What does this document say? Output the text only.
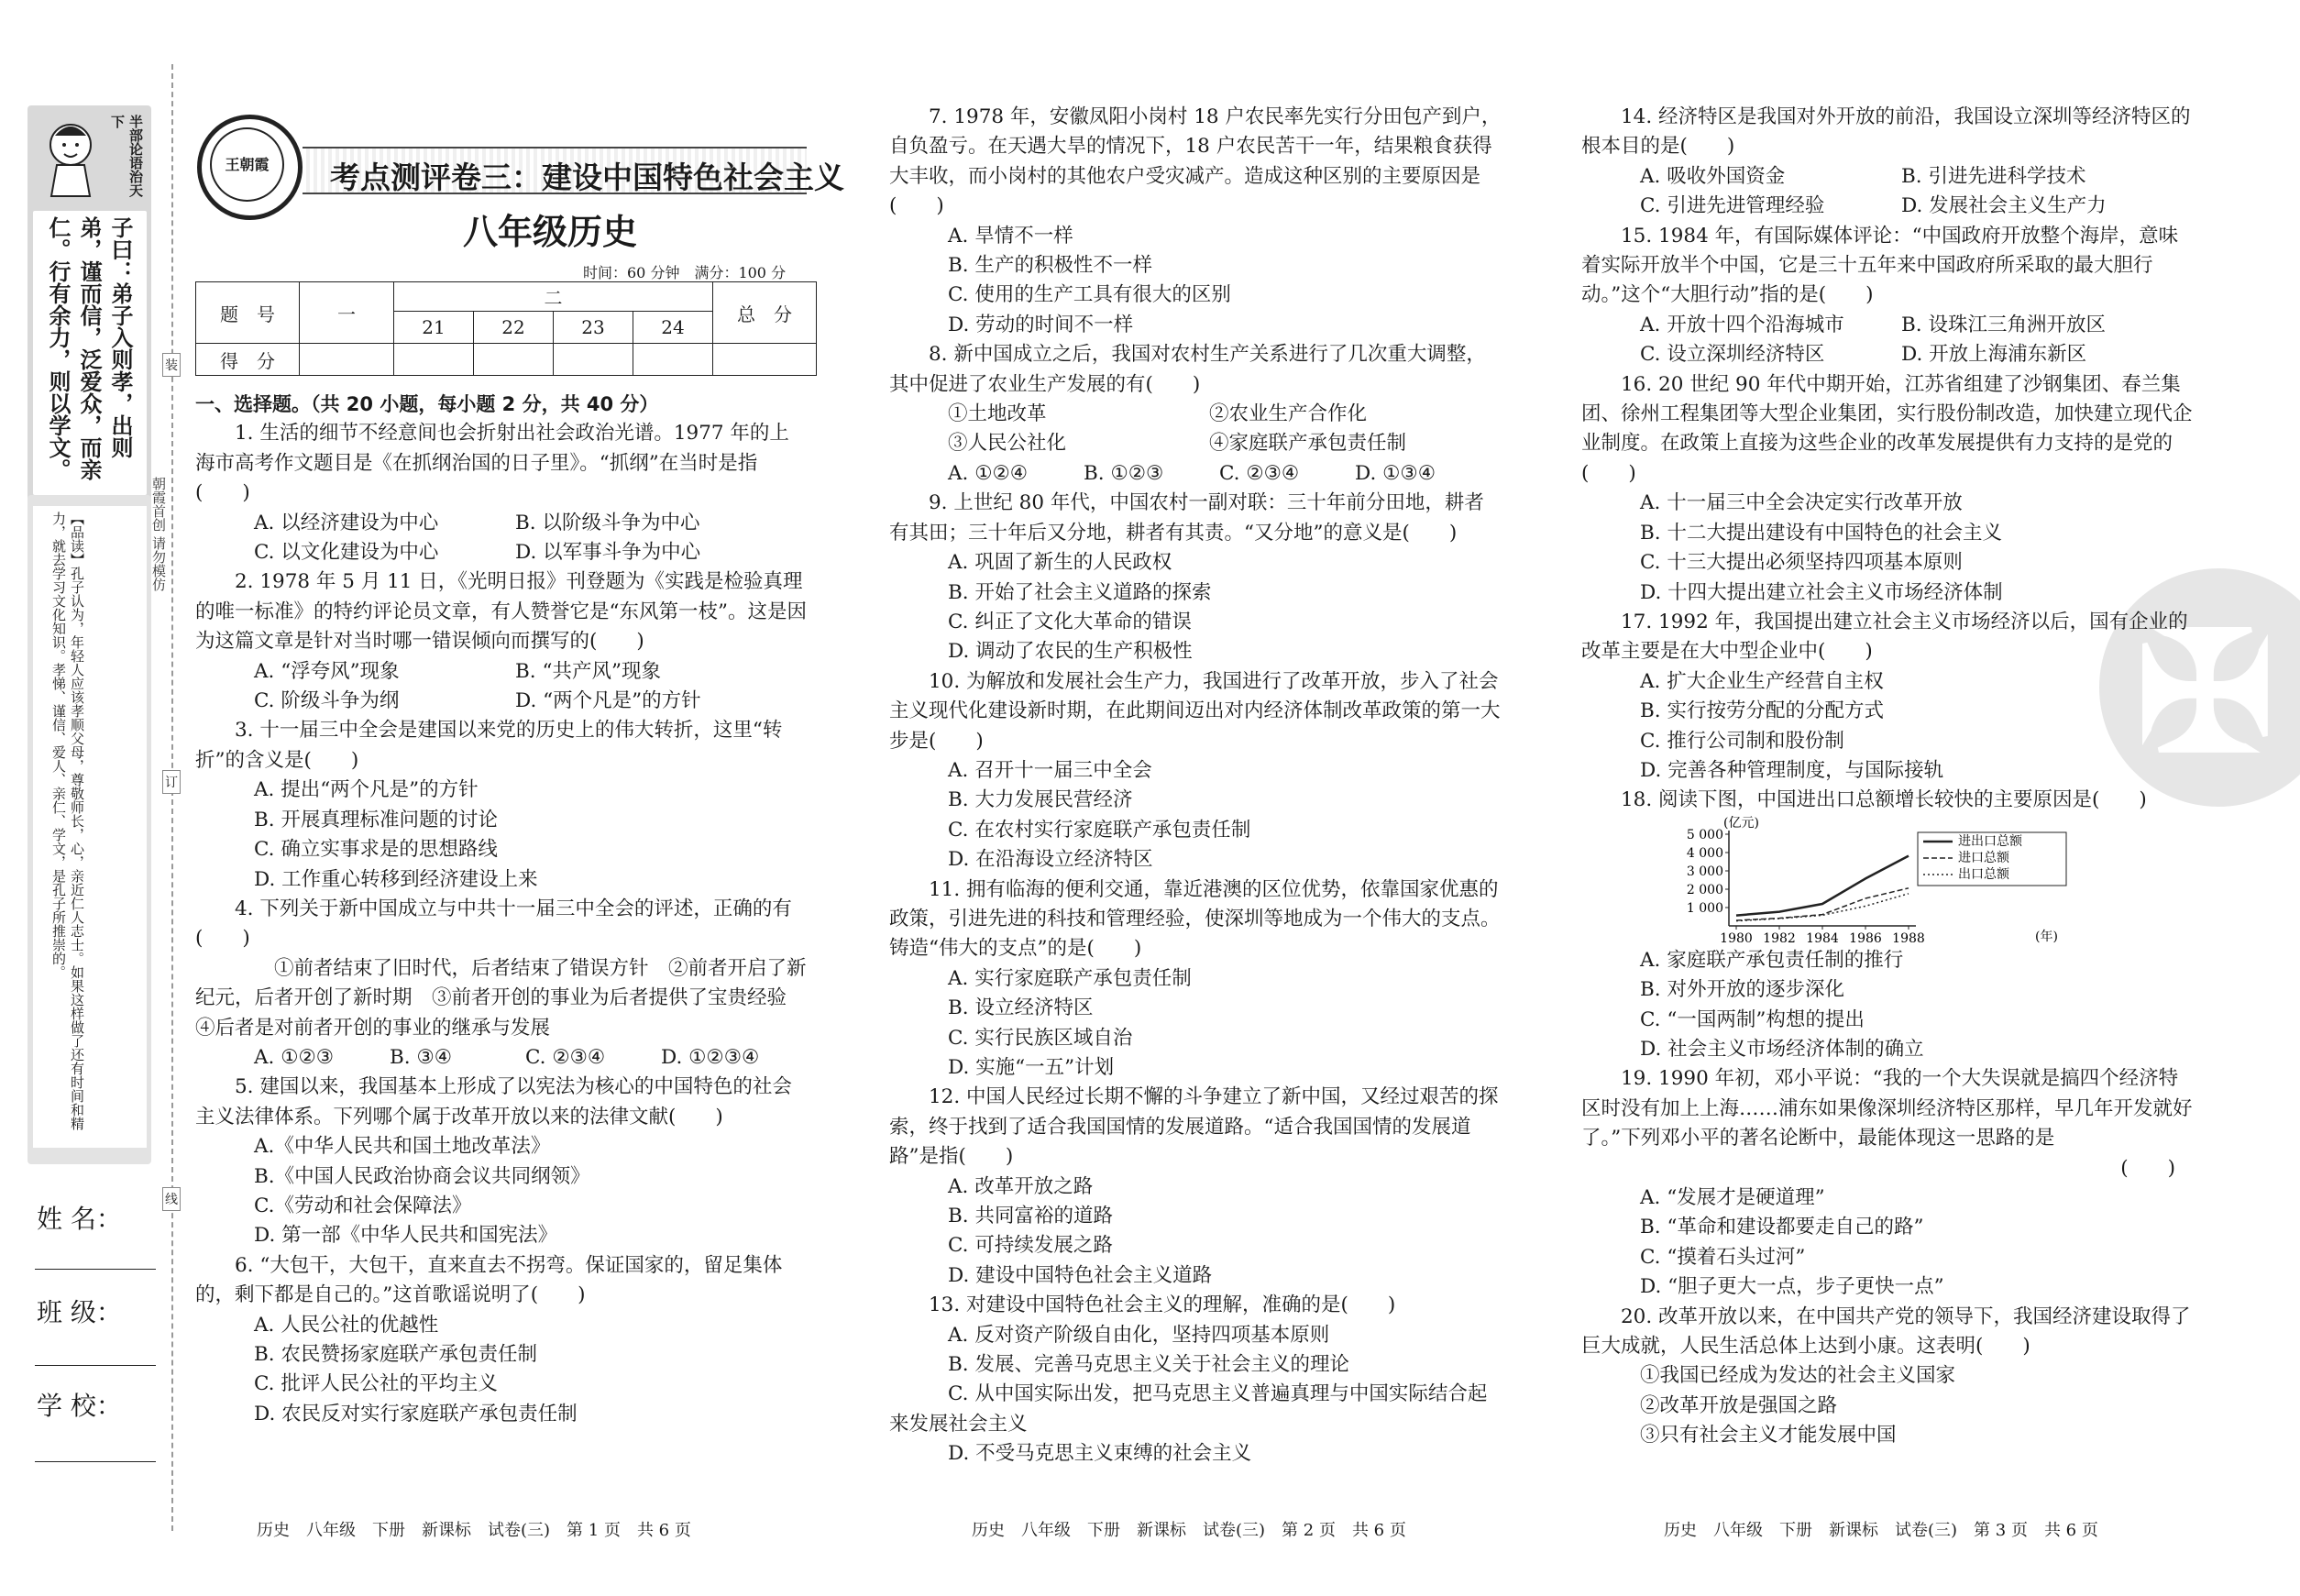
半部论语治天下
子曰：弟子入则孝，出则弟，谨而信，泛爱众，而亲仁。行有余力，则以学文。
【品读】孔子认为，年轻人应该孝顺父母，尊敬师长，心，亲近仁人志士。如果这样做了还有时间和精力，就去学习文化知识。孝悌、谨信、爱人、亲仁、学文，是孔子所推崇的。
姓 名：
班 级：
学 校：
装
订
线
朝霞首创 请勿模仿
王朝霞	考点测评卷三：建设中国特色社会主义
八年级历史
时间：60 分钟　满分：100 分
题　号	一	二				总　分
		21	22	23	24	
得　分						

一、选择题。（共 20 小题，每小题 2 分，共 40 分）

1. 生活的细节不经意间也会折射出社会政治光谱。1977 年的上海市高考作文题目是《在抓纲治国的日子里》。“抓纲”在当时是指(　　)

A. 以经济建设为中心	B. 以阶级斗争为中心

C. 以文化建设为中心	D. 以军事斗争为中心

2. 1978 年 5 月 11 日，《光明日报》刊登题为《实践是检验真理的唯一标准》的特约评论员文章，有人赞誉它是“东风第一枝”。这是因为这篇文章是针对当时哪一错误倾向而撰写的(　　)

A. “浮夸风”现象	B. “共产风”现象

C. 阶级斗争为纲	D. “两个凡是”的方针

3. 十一届三中全会是建国以来党的历史上的伟大转折，这里“转折”的含义是(　　)

A. 提出“两个凡是”的方针

B. 开展真理标准问题的讨论

C. 确立实事求是的思想路线

D. 工作重心转移到经济建设上来

4. 下列关于新中国成立与中共十一届三中全会的评述，正确的有(　　)

①前者结束了旧时代，后者结束了错误方针　②前者开启了新纪元，后者开创了新时期　③前者开创的事业为后者提供了宝贵经验　④后者是对前者开创的事业的继承与发展

A. ①②③	B. ③④	C. ②③④	D. ①②③④

5. 建国以来，我国基本上形成了以宪法为核心的中国特色的社会主义法律体系。下列哪个属于改革开放以来的法律文献(　　)

A.《中华人民共和国土地改革法》

B.《中国人民政治协商会议共同纲领》

C.《劳动和社会保障法》

D. 第一部《中华人民共和国宪法》

6. “大包干，大包干，直来直去不拐弯。保证国家的，留足集体的，剩下都是自己的。”这首歌谣说明了(　　)

A. 人民公社的优越性

B. 农民赞扬家庭联产承包责任制

C. 批评人民公社的平均主义

D. 农民反对实行家庭联产承包责任制

7. 1978 年，安徽凤阳小岗村 18 户农民率先实行分田包产到户，自负盈亏。在天遇大旱的情况下，18 户农民苦干一年，结果粮食获得大丰收，而小岗村的其他农户受灾减产。造成这种区别的主要原因是(　　)

A. 旱情不一样

B. 生产的积极性不一样

C. 使用的生产工具有很大的区别

D. 劳动的时间不一样

8. 新中国成立之后，我国对农村生产关系进行了几次重大调整，其中促进了农业生产发展的有(　　)

①土地改革	②农业生产合作化

③人民公社化	④家庭联产承包责任制

A. ①②④	B. ①②③	C. ②③④	D. ①③④

9. 上世纪 80 年代，中国农村一副对联：三十年前分田地，耕者有其田；三十年后又分地，耕者有其责。“又分地”的意义是(　　)

A. 巩固了新生的人民政权

B. 开始了社会主义道路的探索

C. 纠正了文化大革命的错误

D. 调动了农民的生产积极性

10. 为解放和发展社会生产力，我国进行了改革开放，步入了社会主义现代化建设新时期，在此期间迈出对内经济体制改革政策的第一大步是(　　)

A. 召开十一届三中全会

B. 大力发展民营经济

C. 在农村实行家庭联产承包责任制

D. 在沿海设立经济特区

11. 拥有临海的便利交通，靠近港澳的区位优势，依靠国家优惠的政策，引进先进的科技和管理经验，使深圳等地成为一个伟大的支点。铸造“伟大的支点”的是(　　)

A. 实行家庭联产承包责任制

B. 设立经济特区

C. 实行民族区域自治

D. 实施“一五”计划

12. 中国人民经过长期不懈的斗争建立了新中国，又经过艰苦的探索，终于找到了适合我国国情的发展道路。“适合我国国情的发展道路”是指(　　)

A. 改革开放之路

B. 共同富裕的道路

C. 可持续发展之路

D. 建设中国特色社会主义道路

13. 对建设中国特色社会主义的理解，准确的是(　　)

A. 反对资产阶级自由化，坚持四项基本原则

B. 发展、完善马克思主义关于社会主义的理论

C. 从中国实际出发，把马克思主义普遍真理与中国实际结合起来发展社会主义

D. 不受马克思主义束缚的社会主义

✠

14. 经济特区是我国对外开放的前沿，我国设立深圳等经济特区的根本目的是(　　)

A. 吸收外国资金	B. 引进先进科学技术

C. 引进先进管理经验	D. 发展社会主义生产力

15. 1984 年，有国际媒体评论：“中国政府开放整个海岸，意味着实际开放半个中国，它是三十五年来中国政府所采取的最大胆行动。”这个“大胆行动”指的是(　　)

A. 开放十四个沿海城市	B. 设珠江三角洲开放区

C. 设立深圳经济特区	D. 开放上海浦东新区

16. 20 世纪 90 年代中期开始，江苏省组建了沙钢集团、春兰集团、徐州工程集团等大型企业集团，实行股份制改造，加快建立现代企业制度。在政策上直接为这些企业的改革发展提供有力支持的是党的(　　)

A. 十一届三中全会决定实行改革开放

B. 十二大提出建设有中国特色的社会主义

C. 十三大提出必须坚持四项基本原则

D. 十四大提出建立社会主义市场经济体制

17. 1992 年，我国提出建立社会主义市场经济以后，国有企业的改革主要是在大中型企业中(　　)

A. 扩大企业生产经营自主权

B. 实行按劳分配的分配方式

C. 推行公司制和股份制

D. 完善各种管理制度，与国际接轨

18. 阅读下图，中国进出口总额增长较快的主要原因是(　　)

A. 家庭联产承包责任制的推行

B. 对外开放的逐步深化

C. “一国两制”构想的提出

D. 社会主义市场经济体制的确立

19. 1990 年初，邓小平说：“我的一个大失误就是搞四个经济特区时没有加上上海……浦东如果像深圳经济特区那样，早几年开发就好了。”下列邓小平的著名论断中，最能体现这一思路的是

(　　)

A. “发展才是硬道理”

B. “革命和建设都要走自己的路”

C. “摸着石头过河”

D. “胆子更大一点，步子更快一点”

20. 改革开放以来，在中国共产党的领导下，我国经济建设取得了巨大成就，人民生活总体上达到小康。这表明(　　)

①我国已经成为发达的社会主义国家

②改革开放是强国之路

③只有社会主义才能发展中国

(亿元)
(年)
5 000
4 000
3 000
2 000
1 000
1980 1982 1984 1986 1988
进出口总额
进口总额
出口总额
历史　八年级　下册　新课标　试卷(三)　第 1 页　共 6 页	历史　八年级　下册　新课标　试卷(三)　第 2 页　共 6 页	历史　八年级　下册　新课标　试卷(三)　第 3 页　共 6 页
